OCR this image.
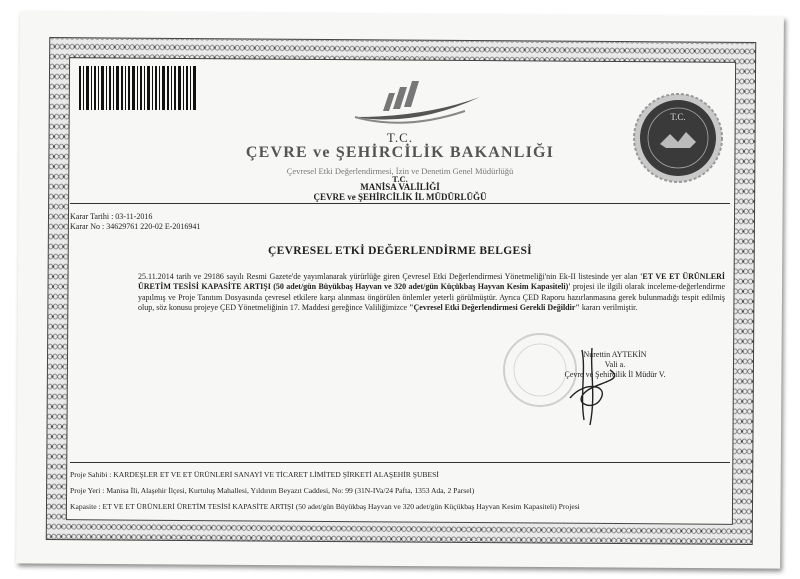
T.C.
ÇEVRE ve ŞEHİRCİLİK BAKANLIĞI
Çevresel Etki Değerlendirmesi, İzin ve Denetim Genel Müdürlüğü
T.C.
MANİSA VALİLİĞİ
ÇEVRE ve ŞEHİRCİLİK İL MÜDÜRLÜĞÜ
T.C.
Karar Tarihi : 03-11-2016
Karar No : 34629761 220-02 E-2016941
ÇEVRESEL ETKİ DEĞERLENDİRME BELGESİ

25.11.2014 tarih ve 29186 sayılı Resmi Gazete'de yayımlanarak yürürlüğe giren Çevresel Etki Değerlendirmesi Yönetmeliği'nin Ek-II listesinde yer alan 'ET VE ET ÜRÜNLERİ ÜRETİM TESİSİ KAPASİTE ARTIŞI (50 adet/gün Büyükbaş Hayvan ve 320 adet/gün Küçükbaş Hayvan Kesim Kapasiteli)' projesi ile ilgili olarak inceleme-değerlendirme yapılmış ve Proje Tanıtım Dosyasında çevresel etkilere karşı alınması öngörülen önlemler yeterli görülmüştür. Ayrıca ÇED Raporu hazırlanmasına gerek bulunmadığı tespit edilmiş olup, söz konusu projeye ÇED Yönetmeliğinin 17. Maddesi gereğince Valiliğimizce "Çevresel Etki Değerlendirmesi Gerekli Değildir" kararı verilmiştir.

Nurettin AYTEKİN
Vali a.
Çevre ve Şehircilik İl Müdür V.
Proje Sahibi : KARDEŞLER ET VE ET ÜRÜNLERİ SANAYİ VE TİCARET LİMİTED ŞİRKETİ ALAŞEHİR ŞUBESİ
Proje Yeri : Manisa İli, Alaşehir İlçesi, Kurtuluş Mahallesi, Yıldırım Beyazıt Caddesi, No: 99 (31N-IVa/24 Pafta, 1353 Ada, 2 Parsel)
Kapasite : ET VE ET ÜRÜNLERİ ÜRETİM TESİSİ KAPASİTE ARTIŞI (50 adet/gün Büyükbaş Hayvan ve 320 adet/gün Küçükbaş Hayvan Kesim Kapasiteli) Projesi
